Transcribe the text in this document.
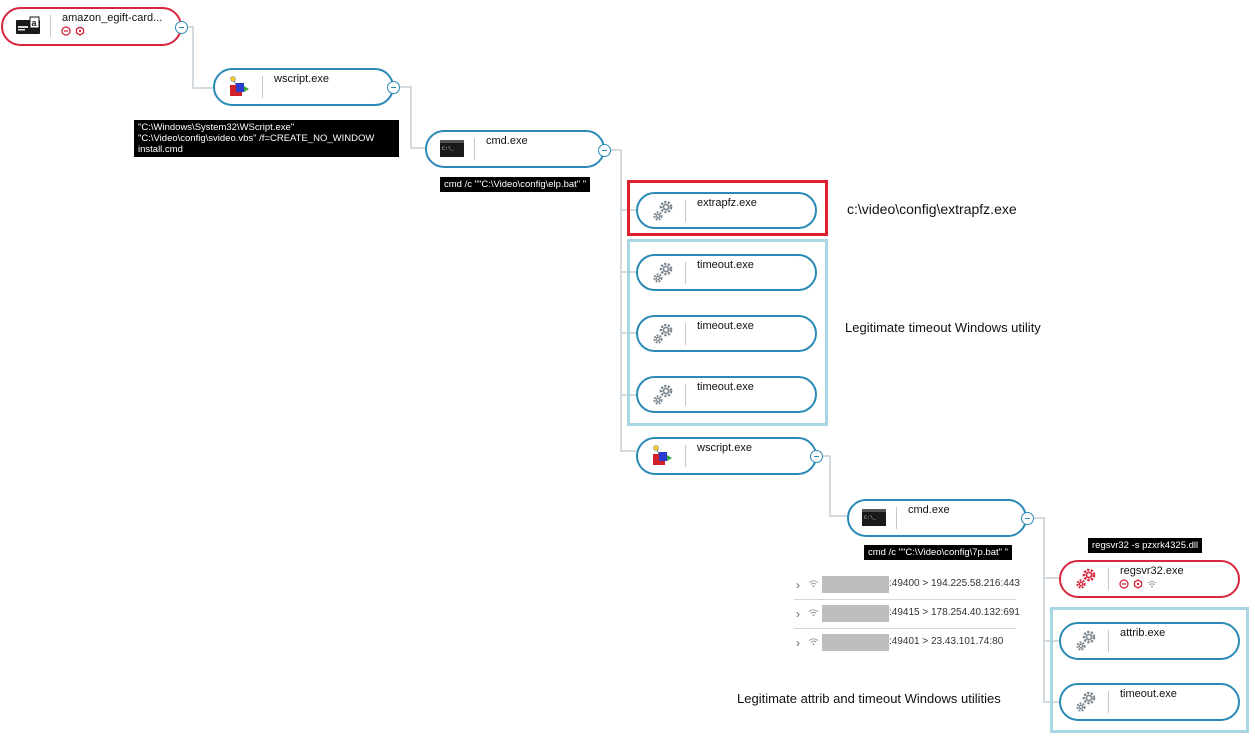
a amazon_egift-card...
wscript.exe
"C:\Windows\System32\WScript.exe" "C:\Video\config\svideo.vbs" /f=CREATE_NO_WINDOW install.cmd	C:\_
cmd.exe
cmd /c ""C:\Video\config\elp.bat" "
extrapfz.exe
timeout.exe
timeout.exe
timeout.exe
wscript.exe
C:\_
cmd.exe
cmd /c ""C:\Video\config\7p.bat" "
regsvr32 -s pzxrk4325.dll
regsvr32.exe
attrib.exe
timeout.exe
›	:49400 > 194.225.58.216:443
›	:49415 > 178.254.40.132:691
›	:49401 > 23.43.101.74:80
c:\video\config\extrapfz.exe
Legitimate timeout Windows utility
Legitimate attrib and timeout Windows utilities
